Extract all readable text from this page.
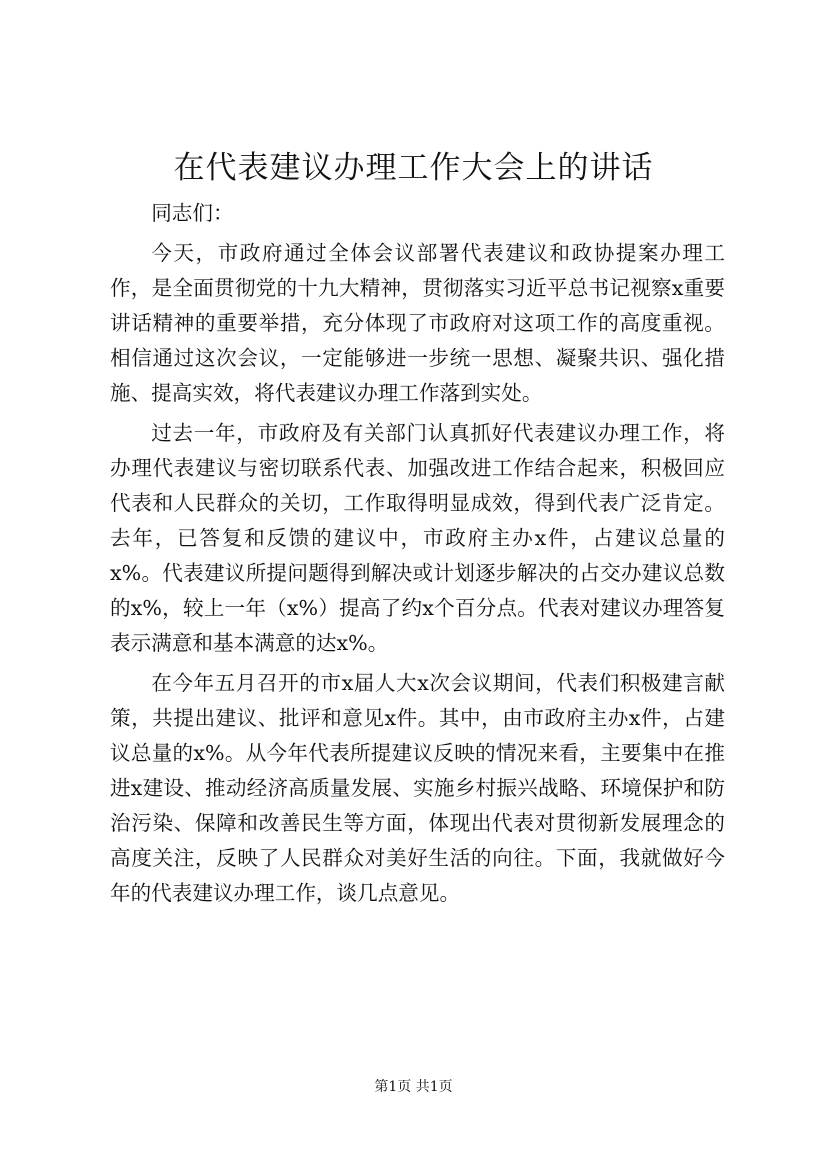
在代表建议办理工作大会上的讲话

同志们：

今天，市政府通过全体会议部署代表建议和政协提案办理工作，是全面贯彻党的十九大精神，贯彻落实习近平总书记视察x重要讲话精神的重要举措，充分体现了市政府对这项工作的高度重视。相信通过这次会议，一定能够进一步统一思想、凝聚共识、强化措施、提高实效，将代表建议办理工作落到实处。

过去一年，市政府及有关部门认真抓好代表建议办理工作，将办理代表建议与密切联系代表、加强改进工作结合起来，积极回应代表和人民群众的关切，工作取得明显成效，得到代表广泛肯定。去年，已答复和反馈的建议中，市政府主办x件，占建议总量的x%。代表建议所提问题得到解决或计划逐步解决的占交办建议总数的x%，较上一年（x%）提高了约x个百分点。代表对建议办理答复表示满意和基本满意的达x%。

在今年五月召开的市x届人大x次会议期间，代表们积极建言献策，共提出建议、批评和意见x件。其中，由市政府主办x件，占建议总量的x%。从今年代表所提建议反映的情况来看，主要集中在推进x建设、推动经济高质量发展、实施乡村振兴战略、环境保护和防治污染、保障和改善民生等方面，体现出代表对贯彻新发展理念的高度关注，反映了人民群众对美好生活的向往。下面，我就做好今年的代表建议办理工作，谈几点意见。

第1页 共1页
